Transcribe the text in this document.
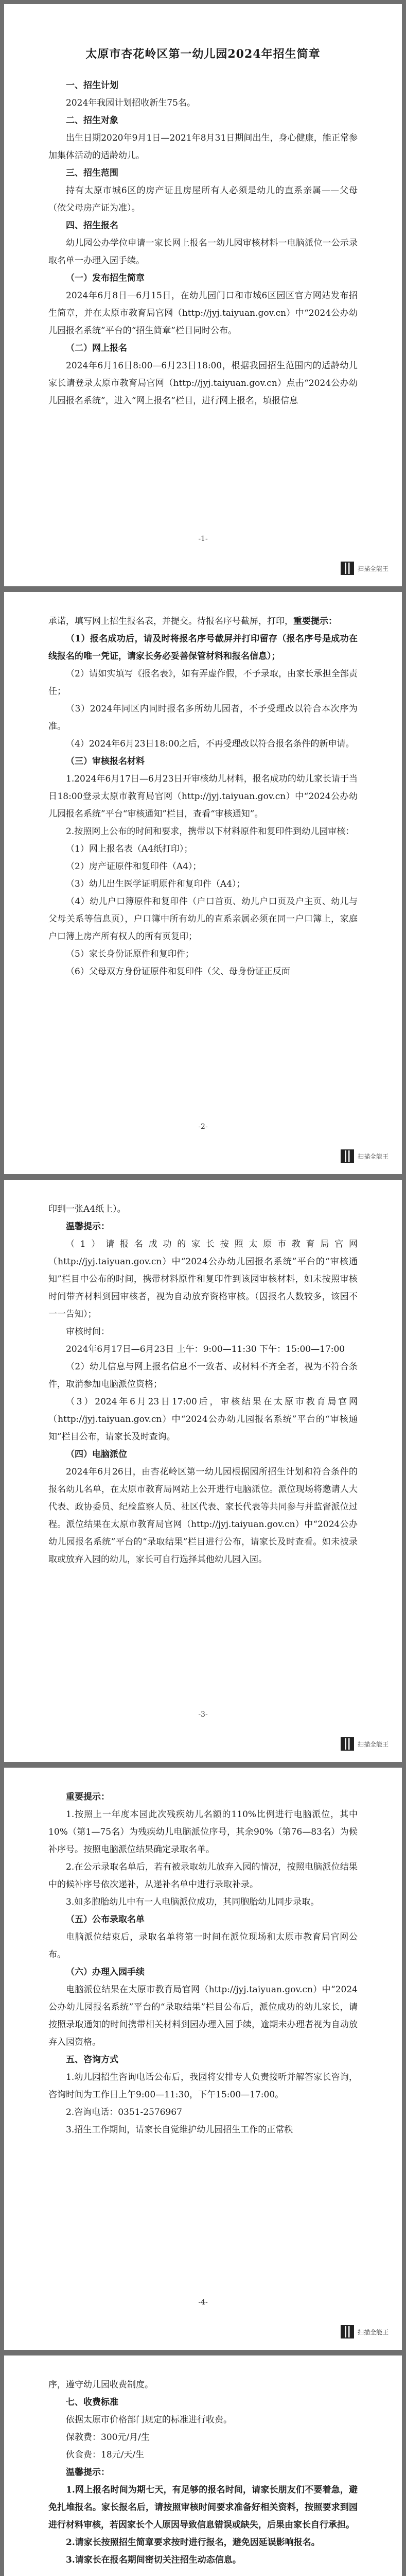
太原市杏花岭区第一幼儿园2024年招生简章

一、招生计划

2024年我园计划招收新生75名。

二、招生对象

出生日期2020年9月1日—2021年8月31日期间出生，身心健康，能正常参加集体活动的适龄幼儿。

三、招生范围

持有太原市城6区的房产证且房屋所有人必须是幼儿的直系亲属——父母（依父母房产证为准）。

四、招生报名

幼儿园公办学位申请一家长网上报名一幼儿园审核材料一电脑派位一公示录取名单一办理入园手续。

（一）发布招生简章

2024年6月8日—6月15日，在幼儿园门口和市城6区园区官方网站发布招生简章，并在太原市教育局官网（http://jyj.taiyuan.gov.cn）中“2024公办幼儿园报名系统”平台的“招生简章”栏目同时公布。

（二）网上报名

2024年6月16日8:00—6月23日18:00，根据我园招生范围内的适龄幼儿家长请登录太原市教育局官网（http://jyj.taiyuan.gov.cn）点击“2024公办幼儿园报名系统”，进入“网上报名”栏目，进行网上报名，填报信息

-1-
扫描全能王

承诺，填写网上招生报名表，并提交。待报名序号截屏，打印，重要提示：

（1）报名成功后，请及时将报名序号截屏并打印留存（报名序号是成功在线报名的唯一凭证，请家长务必妥善保管材料和报名信息）；

（2）请如实填写《报名表》，如有弄虚作假，不予录取，由家长承担全部责任；

（3）2024年同区内同时报名多所幼儿园者，不予受理改以符合本次序为准。

（4）2024年6月23日18:00之后，不再受理改以符合报名条件的新申请。

（三）审核报名材料

1.2024年6月17日—6月23日开审核幼儿材料，报名成功的幼儿家长请于当日18:00登录太原市教育局官网（http://jyj.taiyuan.gov.cn）中“2024公办幼儿园报名系统”平台“审核通知”栏目，查看“审核通知”。

2.按照网上公布的时间和要求，携带以下材料原件和复印件到幼儿园审核：

（1）网上报名表（A4纸打印）；

（2）房产证原件和复印件（A4）；

（3）幼儿出生医学证明原件和复印件（A4）；

（4）幼儿户口簿原件和复印件（户口首页、幼儿户口页及户主页、幼儿与父母关系等信息页），户口簿中所有幼儿的直系亲属必须在同一户口簿上，家庭户口簿上房产所有权人的所有页复印；

（5）家长身份证原件和复印件；

（6）父母双方身份证原件和复印件（父、母身份证正反面

-2-
扫描全能王

印到一张A4纸上）。

温馨提示：

（1）请报名成功的家长按照太原市教育局官网（http://jyj.taiyuan.gov.cn）中“2024公办幼儿园报名系统”平台的“审核通知”栏目中公布的时间，携带材料原件和复印件到该园审核材料，如未按照审核时间带齐材料到园审核者，视为自动放弃资格审核。（因报名人数较多，该园不一一告知）；

审核时间：

2024年6月17日—6月23日 上午：9:00—11:30 下午：15:00—17:00

（2）幼儿信息与网上报名信息不一致者、或材料不齐全者，视为不符合条件，取消参加电脑派位资格；

（3）2024年6月23日17:00后，审核结果在太原市教育局官网（http://jyj.taiyuan.gov.cn）中“2024公办幼儿园报名系统”平台的“审核通知”栏目公布，请家长及时查询。

（四）电脑派位

2024年6月26日，由杏花岭区第一幼儿园根据园所招生计划和符合条件的报名幼儿名单，在太原市教育局网站上公开进行电脑派位。派位现场将邀请人大代表、政协委员、纪检监察人员、社区代表、家长代表等共同参与并监督派位过程。派位结果在太原市教育局官网（http://jyj.taiyuan.gov.cn）中“2024公办幼儿园报名系统”平台的“录取结果”栏目进行公布，请家长及时查看。如未被录取或放弃入园的幼儿，家长可自行选择其他幼儿园入园。

-3-
扫描全能王

重要提示：

1.按照上一年度本园此次残疾幼儿名额的110%比例进行电脑派位，其中10%（第1—75名）为残疾幼儿电脑派位序号，其余90%（第76—83名）为候补序号。按照电脑派位结果确定录取名单。

2.在公示录取名单后，若有被录取幼儿放弃入园的情况，按照电脑派位结果中的候补序号依次递补，从递补名单中进行录取补录。

3.如多胞胎幼儿中有一人电脑派位成功，其同胞胎幼儿同步录取。

（五）公布录取名单

电脑派位结束后，录取名单将第一时间在派位现场和太原市教育局官网公布。

（六）办理入园手续

电脑派位结果在太原市教育局官网（http://jyj.taiyuan.gov.cn）中“2024公办幼儿园报名系统”平台的“录取结果”栏目公布后，派位成功的幼儿家长，请按照录取通知的时间携带相关材料到园办理入园手续，逾期未办理者视为自动放弃入园资格。

五、咨询方式

1.幼儿园招生咨询电话公布后，我园将安排专人负责接听并解答家长咨询，咨询时间为工作日上午9:00—11:30，下午15:00—17:00。

2.咨询电话：0351-2576967

3.招生工作期间，请家长自觉维护幼儿园招生工作的正常秩

-4-
扫描全能王

序，遵守幼儿园收费制度。

七、收费标准

依据太原市价格部门规定的标准进行收费。

保教费：300元/月/生

伙食费：18元/天/生

温馨提示：

1.网上报名时间为期七天，有足够的报名时间，请家长朋友们不要着急，避免扎堆报名。家长报名后，请按照审核时间要求准备好相关资料，按照要求到园进行材料审核，若因家长个人原因导致信息错误或缺失，后果由家长自行承担。

2.请家长按照招生简章要求按时进行报名，避免因延误影响报名。

3.请家长在报名期间密切关注招生动态信息。
